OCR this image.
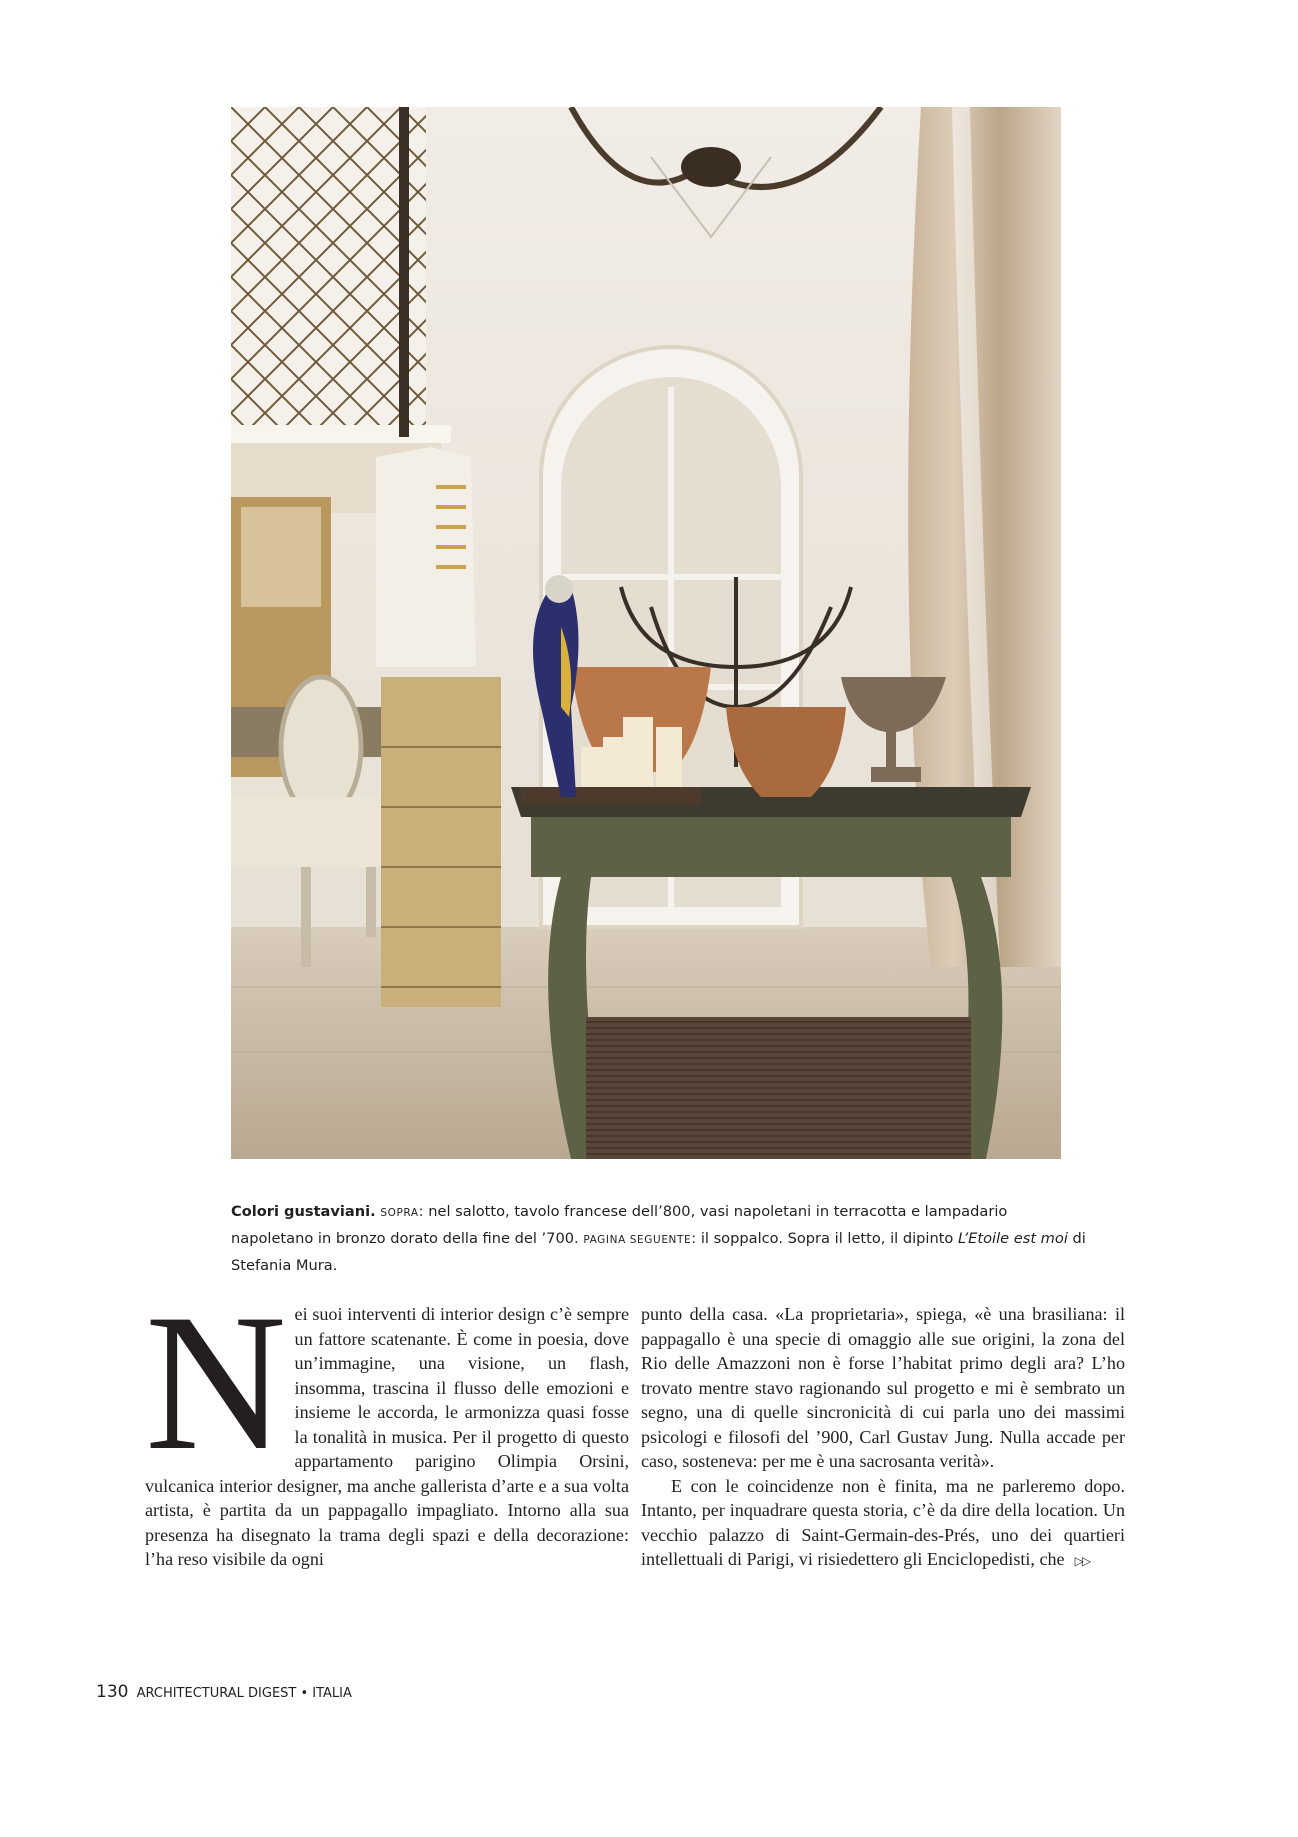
Colori gustaviani. SOPRA: nel salotto, tavolo francese dell’800, vasi napoletani in terracotta e lampadario napoletano in bronzo dorato della fine del ’700. PAGINA SEGUENTE: il soppalco. Sopra il letto, il dipinto L’Etoile est moi di Stefania Mura.

Nei suoi interventi di interior design c’è sempre un fattore scatenante. È come in poesia, dove un’immagine, una visione, un flash, insomma, trascina il flusso delle emozioni e insieme le accorda, le armonizza quasi fosse la tonalità in musica. Per il progetto di questo appartamento parigino Olimpia Orsini, vulcanica interior designer, ma anche gallerista d’arte e a sua volta artista, è partita da un pappagallo impagliato. Intorno alla sua presenza ha disegnato la trama degli spazi e della decorazione: l’ha reso visibile da ogni

punto della casa. «La proprietaria», spiega, «è una brasiliana: il pappagallo è una specie di omaggio alle sue origini, la zona del Rio delle Amazzoni non è forse l’habitat primo degli ara? L’ho trovato mentre stavo ragionando sul progetto e mi è sembrato un segno, una di quelle sincronicità di cui parla uno dei massimi psicologi e filosofi del ’900, Carl Gustav Jung. Nulla accade per caso, sosteneva: per me è una sacrosanta verità».

E con le coincidenze non è finita, ma ne parleremo dopo. Intanto, per inquadrare questa storia, c’è da dire della location. Un vecchio palazzo di Saint-Germain-des-Prés, uno dei quartieri intellettuali di Parigi, vi risiedettero gli Enciclopedisti, che ▷▷

130 ARCHITECTURAL DIGEST • ITALIA
